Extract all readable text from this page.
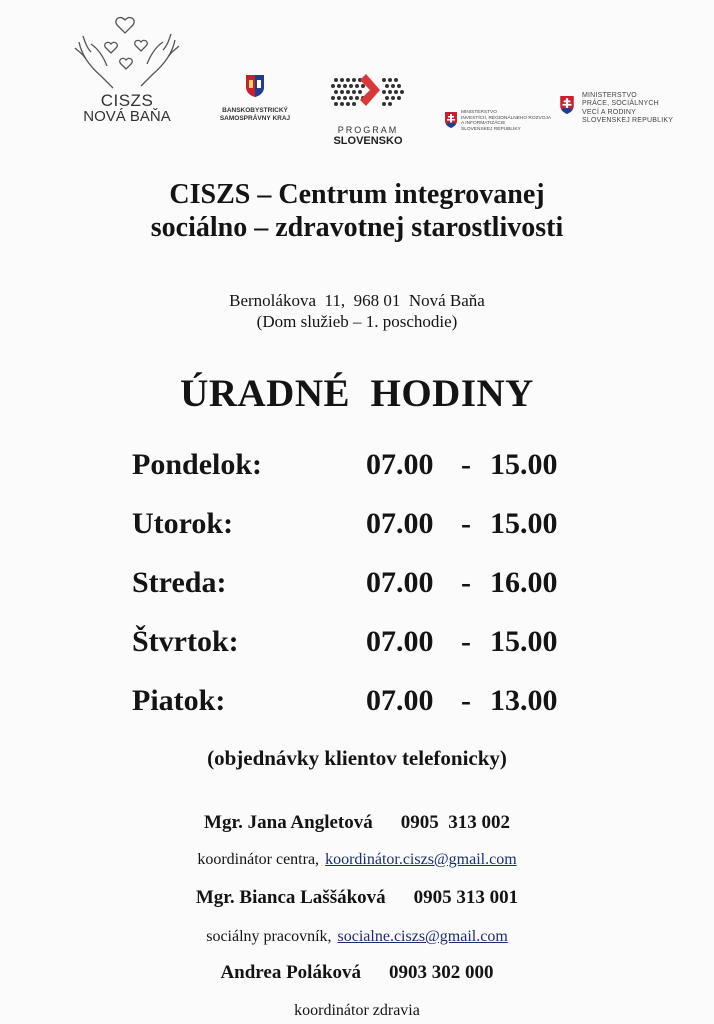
CISZS
NOVÁ BAŇA	BANSKOBYSTRICKÝ
SAMOSPRÁVNY KRAJ
PROGRAM
SLOVENSKO
MINISTERSTVO
INVESTÍCIÍ, REGIONÁLNEHO ROZVOJA
A INFORMATIZÁCIE
SLOVENSKEJ REPUBLIKY
MINISTERSTVO
PRÁCE, SOCIÁLNYCH
VECÍ A RODINY
SLOVENSKEJ REPUBLIKY
CISZS – Centrum integrovanej
sociálno – zdravotnej starostlivosti
Bernolákova  11,  968 01  Nová Baňa
(Dom služieb – 1. poschodie)
ÚRADNÉ  HODINY
Pondelok:	07.00 - 15.00
Utorok:	07.00 - 15.00
Streda:	07.00 - 16.00
Štvrtok:	07.00 - 15.00
Piatok:	07.00 - 13.00
(objednávky klientov telefonicky)
Mgr. Jana Angletová 0905  313 002
koordinátor centra, koordinátor.ciszs@gmail.com
Mgr. Bianca Laššáková 0905 313 001
sociálny pracovník, socialne.ciszs@gmail.com
Andrea Poláková 0903 302 000
koordinátor zdravia
